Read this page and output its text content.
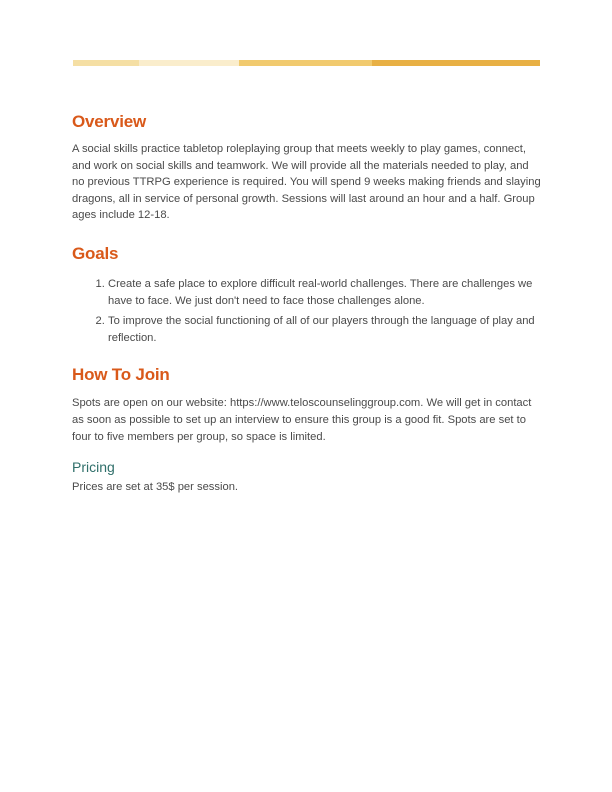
Overview

A social skills practice tabletop roleplaying group that meets weekly to play games, connect, and work on social skills and teamwork. We will provide all the materials needed to play, and no previous TTRPG experience is required. You will spend 9 weeks making friends and slaying dragons, all in service of personal growth. Sessions will last around an hour and a half. Group ages include 12-18.

Goals
1. Create a safe place to explore difficult real-world challenges. There are challenges we have to face. We just don't need to face those challenges alone.
2. To improve the social functioning of all of our players through the language of play and reflection.
How To Join

Spots are open on our website: https://www.teloscounselinggroup.com. We will get in contact as soon as possible to set up an interview to ensure this group is a good fit. Spots are set to four to five members per group, so space is limited.

Pricing

Prices are set at 35$ per session.
